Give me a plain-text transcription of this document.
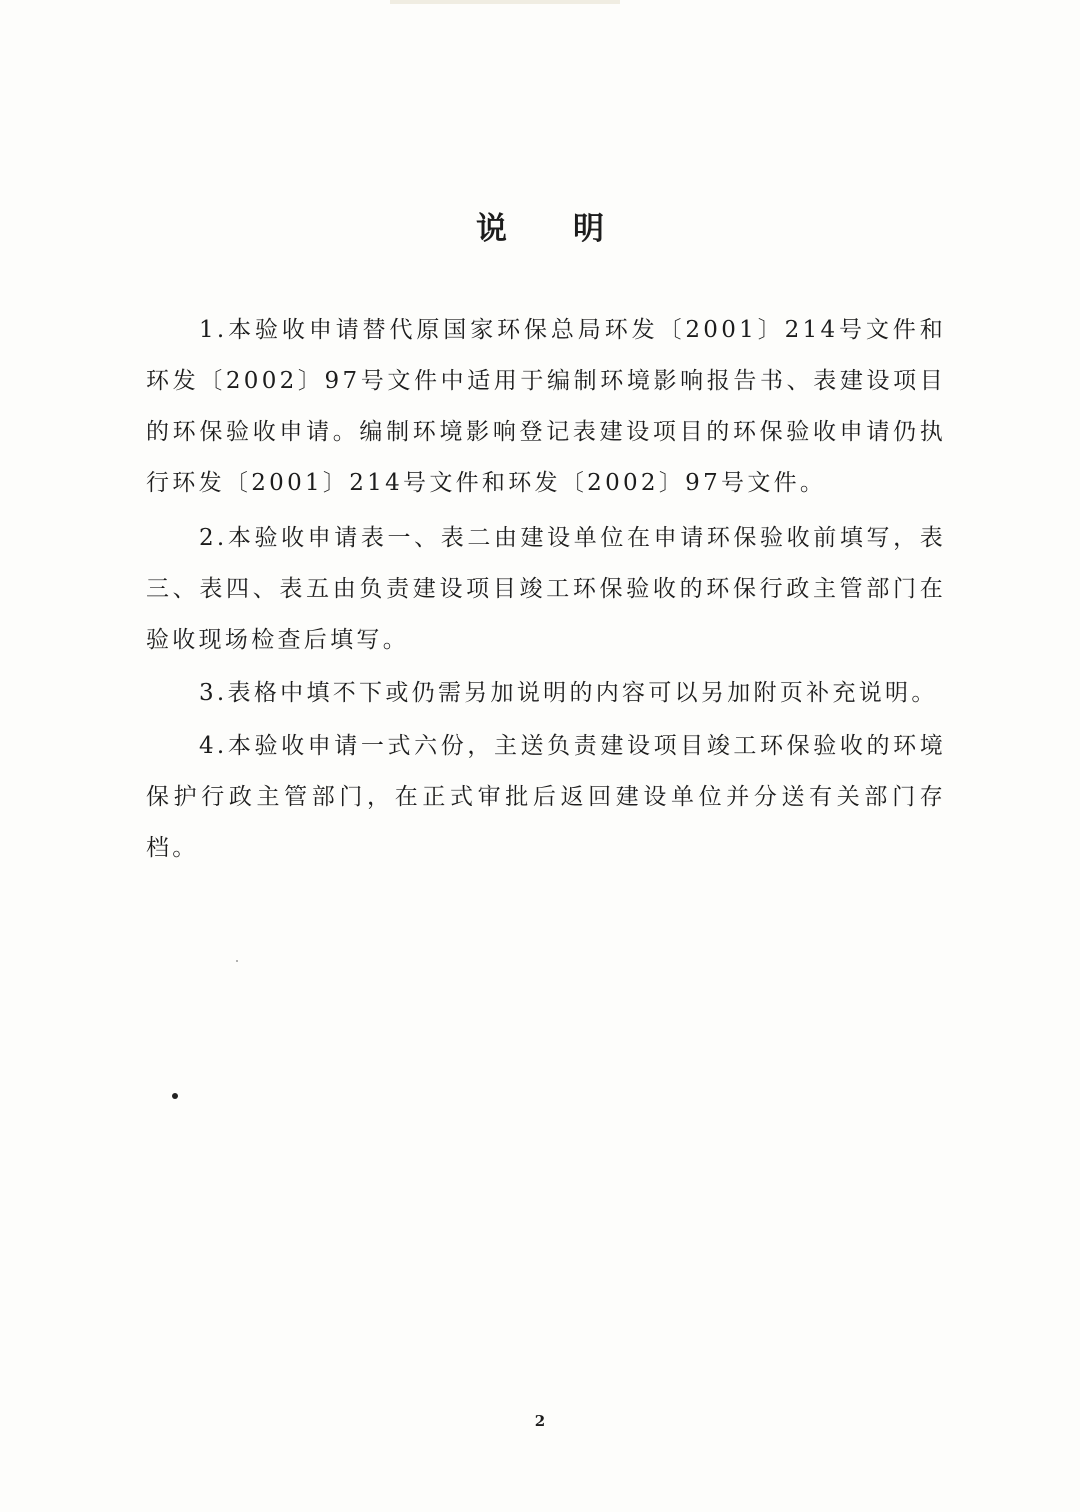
说明

1.本验收申请替代原国家环保总局环发〔2001〕214号文件和环发〔2002〕97号文件中适用于编制环境影响报告书、表建设项目的环保验收申请。编制环境影响登记表建设项目的环保验收申请仍执行环发〔2001〕214号文件和环发〔2002〕97号文件。

2.本验收申请表一、表二由建设单位在申请环保验收前填写，表三、表四、表五由负责建设项目竣工环保验收的环保行政主管部门在验收现场检查后填写。

3.表格中填不下或仍需另加说明的内容可以另加附页补充说明。

4.本验收申请一式六份，主送负责建设项目竣工环保验收的环境保护行政主管部门，在正式审批后返回建设单位并分送有关部门存档。

2
